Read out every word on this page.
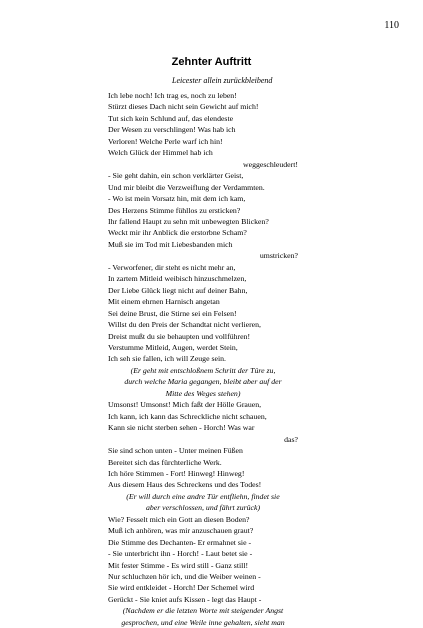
110
Zehnter Auftritt
Leicester allein zurückbleibend
Ich lebe noch! Ich trag es, noch zu leben!
Stürzt dieses Dach nicht sein Gewicht auf mich!
Tut sich kein Schlund auf, das elendeste
Der Wesen zu verschlingen! Was hab ich
Verloren! Welche Perle warf ich hin!
Welch Glück der Himmel hab ich
weggeschleudert!
- Sie geht dahin, ein schon verklärter Geist,
Und mir bleibt die Verzweiflung der Verdammten.
- Wo ist mein Vorsatz hin, mit dem ich kam,
Des Herzens Stimme fühllos zu ersticken?
Ihr fallend Haupt zu sehn mit unbewegten Blicken?
Weckt mir ihr Anblick die erstorbne Scham?
Muß sie im Tod mit Liebesbanden mich
umstricken?
- Verworfener, dir steht es nicht mehr an,
In zartem Mitleid weibisch hinzuschmelzen,
Der Liebe Glück liegt nicht auf deiner Bahn,
Mit einem ehrnen Harnisch angetan
Sei deine Brust, die Stirne sei ein Felsen!
Willst du den Preis der Schandtat nicht verlieren,
Dreist mußt du sie behaupten und vollführen!
Verstumme Mitleid, Augen, werdet Stein,
Ich seh sie fallen, ich will Zeuge sein.
(Er geht mit entschloßnem Schritt der Türe zu,
durch welche Maria gegangen, bleibt aber auf der
Mitte des Weges stehen)
Umsonst! Umsonst! Mich faßt der Hölle Grauen,
Ich kann, ich kann das Schreckliche nicht schauen,
Kann sie nicht sterben sehen - Horch! Was war
das?
Sie sind schon unten - Unter meinen Füßen
Bereitet sich das fürchterliche Werk.
Ich höre Stimmen - Fort! Hinweg! Hinweg!
Aus diesem Haus des Schreckens und des Todes!
(Er will durch eine andre Tür entfliehn, findet sie
aber verschlossen, und fährt zurück)
Wie? Fesselt mich ein Gott an diesen Boden?
Muß ich anhören, was mir anzuschauen graut?
Die Stimme des Dechanten- Er ermahnet sie -
- Sie unterbricht ihn - Horch! - Laut betet sie -
Mit fester Stimme - Es wird still - Ganz still!
Nur schluchzen hör ich, und die Weiber weinen -
Sie wird entkleidet - Horch! Der Schemel wird
Gerückt - Sie kniet aufs Kissen - legt das Haupt -
(Nachdem er die letzten Worte mit steigender Angst
gesprochen, und eine Weile inne gehalten, sieht man
